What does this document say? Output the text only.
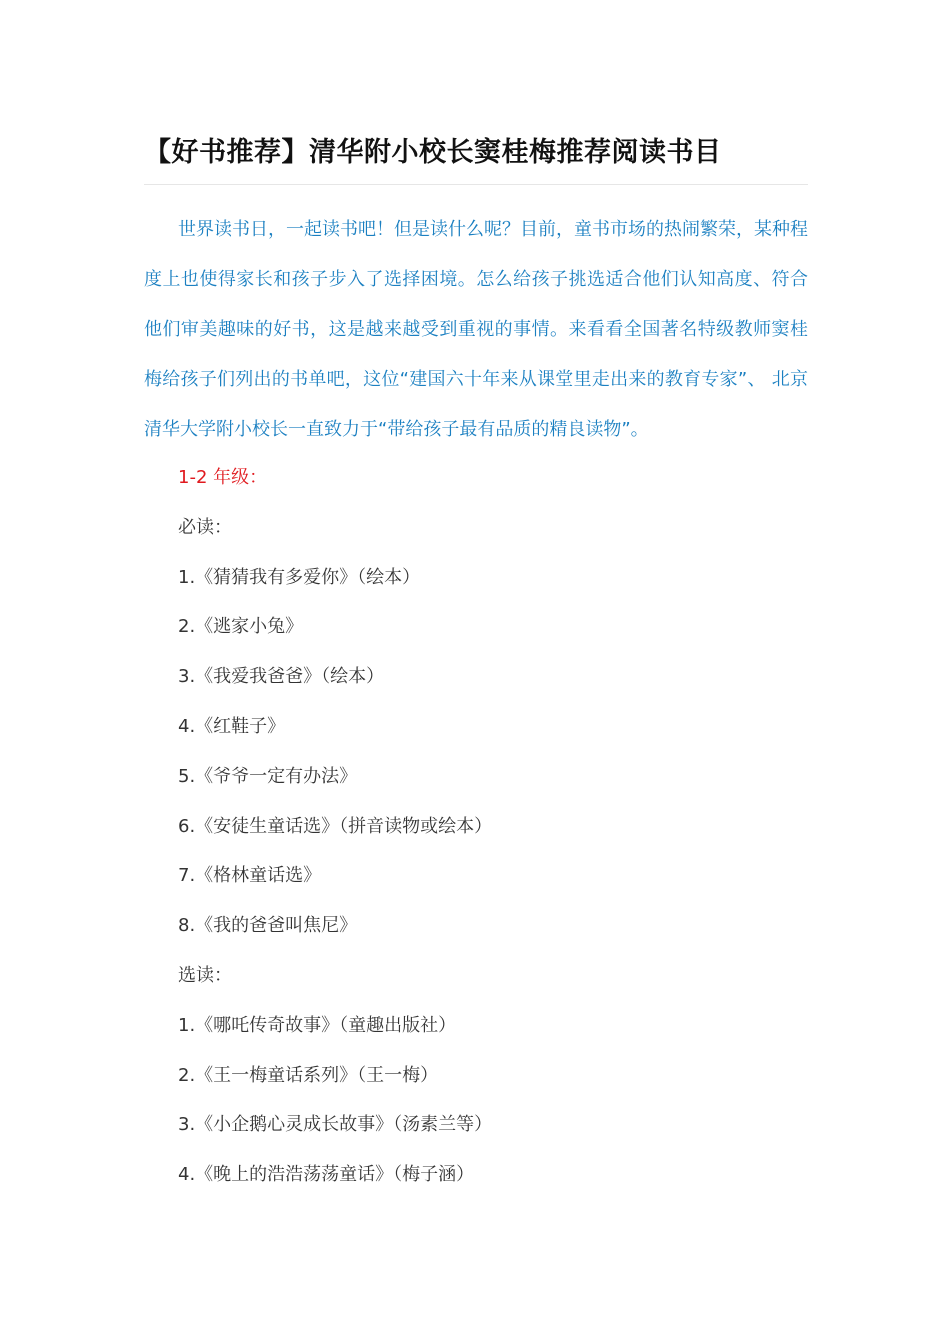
【好书推荐】清华附小校长窦桂梅推荐阅读书目

世界读书日，一起读书吧！但是读什么呢？目前，童书市场的热闹繁荣，某种程度上也使得家长和孩子步入了选择困境。怎么给孩子挑选适合他们认知高度、符合他们审美趣味的好书，这是越来越受到重视的事情。来看看全国著名特级教师窦桂梅给孩子们列出的书单吧，这位“建国六十年来从课堂里走出来的教育专家”、 北京清华大学附小校长一直致力于“带给孩子最有品质的精良读物”。

1-2 年级：
必读：
1.《猜猜我有多爱你》（绘本）
2.《逃家小兔》
3.《我爱我爸爸》（绘本）
4.《红鞋子》
5.《爷爷一定有办法》
6.《安徒生童话选》（拼音读物或绘本）
7.《格林童话选》
8.《我的爸爸叫焦尼》
选读：
1.《哪吒传奇故事》（童趣出版社）
2.《王一梅童话系列》（王一梅）
3.《小企鹅心灵成长故事》（汤素兰等）
4.《晚上的浩浩荡荡童话》（梅子涵）
